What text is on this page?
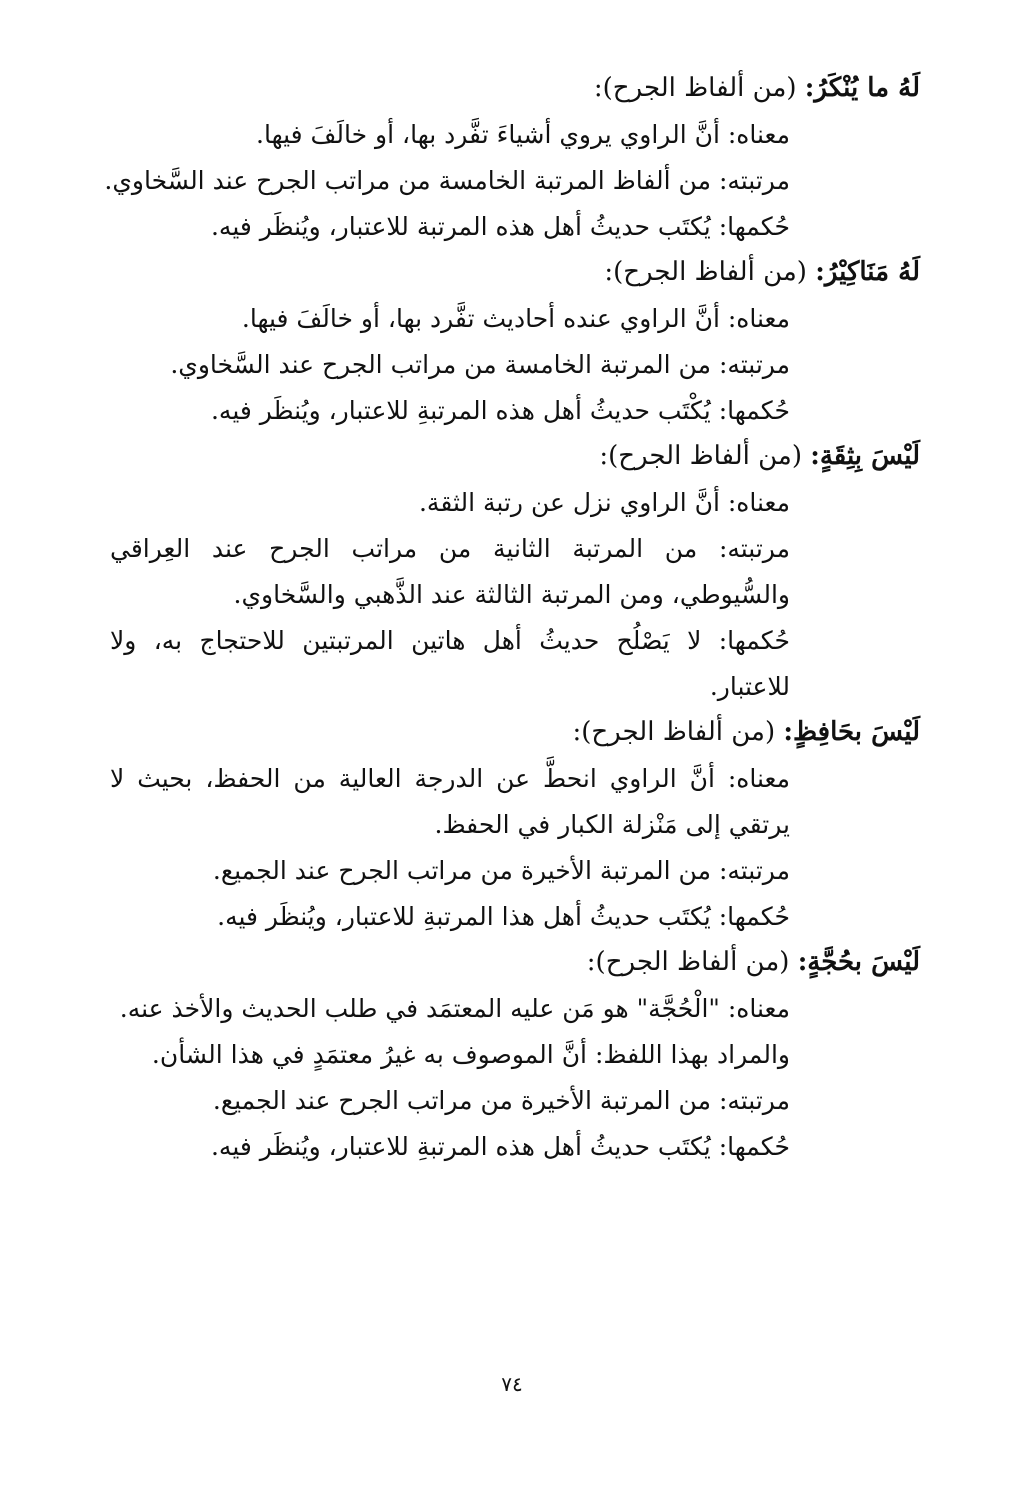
لَهُ ما يُنْكَرُ: (من ألفاظ الجرح):
معناه: أنَّ الراوي يروي أشياءَ تفَّرد بها، أو خالَفَ فيها.
مرتبته: من ألفاظ المرتبة الخامسة من مراتب الجرح عند السَّخاوي.
حُكمها: يُكتَب حديثُ أهل هذه المرتبة للاعتبار، ويُنظَر فيه.
لَهُ مَنَاكِيْرُ: (من ألفاظ الجرح):
معناه: أنَّ الراوي عنده أحاديث تفَّرد بها، أو خالَفَ فيها.
مرتبته: من المرتبة الخامسة من مراتب الجرح عند السَّخاوي.
حُكمها: يُكْتَب حديثُ أهل هذه المرتبةِ للاعتبار، ويُنظَر فيه.
لَيْسَ بِثِقَةٍ: (من ألفاظ الجرح):
معناه: أنَّ الراوي نزل عن رتبة الثقة.
مرتبته: من المرتبة الثانية من مراتب الجرح عند العِراقي والسُّيوطي، ومن المرتبة الثالثة عند الذَّهبي والسَّخاوي.
حُكمها: لا يَصْلُح حديثُ أهل هاتين المرتبتين للاحتجاج به، ولا للاعتبار.
لَيْسَ بحَافِظٍ: (من ألفاظ الجرح):
معناه: أنَّ الراوي انحطَّ عن الدرجة العالية من الحفظ، بحيث لا يرتقي إلى مَنْزلة الكبار في الحفظ.
مرتبته: من المرتبة الأخيرة من مراتب الجرح عند الجميع.
حُكمها: يُكتَب حديثُ أهل هذا المرتبةِ للاعتبار، ويُنظَر فيه.
لَيْسَ بحُجَّةٍ: (من ألفاظ الجرح):
معناه: "الْحُجَّة" هو مَن عليه المعتمَد في طلب الحديث والأخذ عنه.
والمراد بهذا اللفظ: أنَّ الموصوف به غيرُ معتمَدٍ في هذا الشأن.
مرتبته: من المرتبة الأخيرة من مراتب الجرح عند الجميع.
حُكمها: يُكتَب حديثُ أهل هذه المرتبةِ للاعتبار، ويُنظَر فيه.
٧٤
